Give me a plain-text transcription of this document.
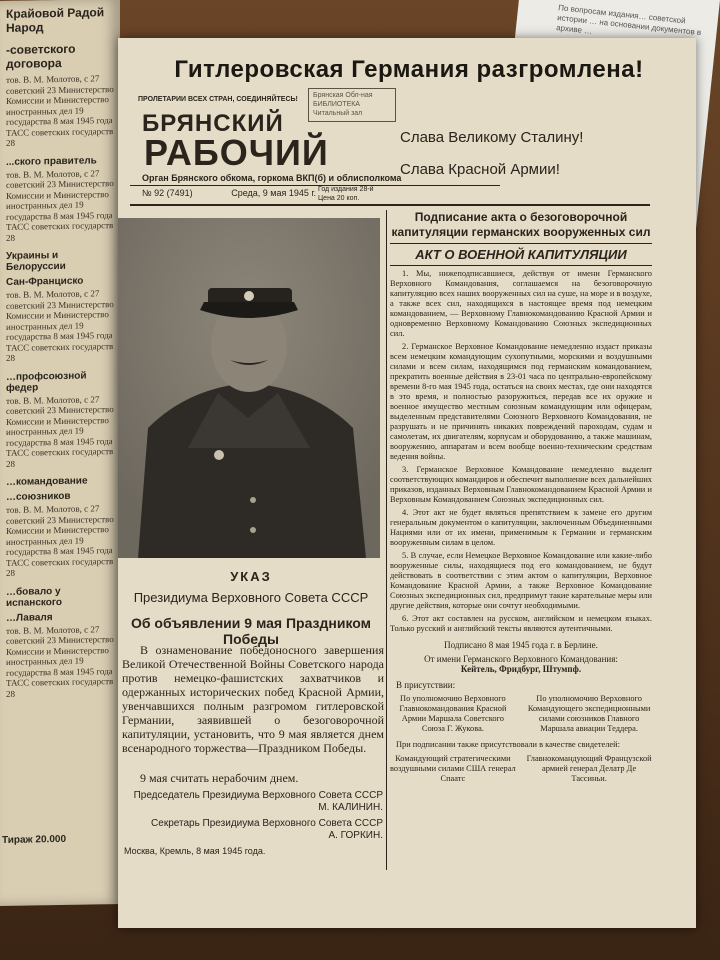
По вопросам издания… советской истории … на основании документов в архиве …
Крайовой Радой Народ
-советского договора
тов. В. М. Молотов, с 27 советский 23 Министерство Комиссии и Министерство иностранных дел 19 государства 8 мая 1945 года ТАСС советских государств 28
...ского правитель
тов. В. М. Молотов, с 27 советский 23 Министерство Комиссии и Министерство иностранных дел 19 государства 8 мая 1945 года ТАСС советских государств 28
Украины и Белоруссии
Сан-Франциско
тов. В. М. Молотов, с 27 советский 23 Министерство Комиссии и Министерство иностранных дел 19 государства 8 мая 1945 года ТАСС советских государств 28
…профсоюзной федер
тов. В. М. Молотов, с 27 советский 23 Министерство Комиссии и Министерство иностранных дел 19 государства 8 мая 1945 года ТАСС советских государств 28
…командование
…союзников
тов. В. М. Молотов, с 27 советский 23 Министерство Комиссии и Министерство иностранных дел 19 государства 8 мая 1945 года ТАСС советских государств 28
…бовало у испанского
…Лаваля
тов. В. М. Молотов, с 27 советский 23 Министерство Комиссии и Министерство иностранных дел 19 государства 8 мая 1945 года ТАСС советских государств 28
Тираж 20.000
Гитлеровская Германия разгромлена!
ПРОЛЕТАРИИ ВСЕХ СТРАН, СОЕДИНЯЙТЕСЬ!
Брянская Обл-ная
БИБЛИОТЕКА
Читальный зал
БРЯНСКИЙ
РАБОЧИЙ
Орган Брянского обкома, горкома ВКП(б) и облисполкома
№ 92 (7491)	Среда, 9 мая 1945 г. Год издания 28-й
Цена 20 коп.
Слава Великому Сталину!
Слава Красной Армии!
УКАЗ
Президиума Верховного Совета СССР
Об объявлении 9 мая Праздником Победы
В ознаменование победоносного завершения Великой Отечественной Войны Советского народа против немецко-фашистских захватчиков и одержанных исторических побед Красной Армии, увенчавшихся полным разгромом гитлеровской Германии, заявившей о безоговорочной капитуляции, установить, что 9 мая является днем всенародного торжества—Праздником Победы.
9 мая считать нерабочим днем.
Председатель Президиума Верховного Совета СССР
М. КАЛИНИН.
Секретарь Президиума Верховного Совета СССР
А. ГОРКИН.
Москва, Кремль, 8 мая 1945 года.
Подписание акта о безоговорочной капитуляции германских вооруженных сил
АКТ О ВОЕННОЙ КАПИТУЛЯЦИИ
1. Мы, нижеподписавшиеся, действуя от имени Германского Верховного Командования, соглашаемся на безоговорочную капитуляцию всех наших вооруженных сил на суше, на море и в воздухе, а также всех сил, находящихся в настоящее время под немецким командованием, — Верховному Главнокомандованию Красной Армии и одновременно Верховному Командованию Союзных экспедиционных сил.
2. Германское Верховное Командование немедленно издаст приказы всем немецким командующим сухопутными, морскими и воздушными силами и всем силам, находящимся под германским командованием, прекратить военные действия в 23-01 часа по центрально-европейскому времени 8-го мая 1945 года, остаться на своих местах, где они находятся в это время, и полностью разоружиться, передав все их оружие и военное имущество местным союзным командующим или офицерам, выделенным представителями Союзного Верховного Командования, не разрушать и не причинять никаких повреждений пароходам, судам и самолетам, их двигателям, корпусам и оборудованию, а также машинам, вооружению, аппаратам и всем вообще военно-техническим средствам ведения войны.
3. Германское Верховное Командование немедленно выделит соответствующих командиров и обеспечит выполнение всех дальнейших приказов, изданных Верховным Главнокомандованием Красной Армии и Верховным Командованием Союзных экспедиционных сил.
4. Этот акт не будет являться препятствием к замене его другим генеральным документом о капитуляции, заключенным Объединенными Нациями или от их имени, применимым к Германии и германским вооруженным силам в целом.
5. В случае, если Немецкое Верховное Командование или какие-либо вооруженные силы, находящиеся под его командованием, не будут действовать в соответствии с этим актом о капитуляции, Верховное Командование Красной Армии, а также Верховное Командование Союзных экспедиционных сил, предпримут такие карательные меры или другие действия, которые они сочтут необходимыми.
6. Этот акт составлен на русском, английском и немецком языках. Только русский и английский тексты являются аутентичными.
Подписано 8 мая 1945 года г. в Берлине.
От имени Германского Верховного Командования:
Кейтель, Фридбург, Штумпф.
В присутствии:
По уполномочию Верховного Главнокомандования Красной Армии Маршала Советского Союза Г. Жукова.
По уполномочию Верховного Командующего экспедиционными силами союзников Главного Маршала авиации Теддера.
При подписании также присутствовали в качестве свидетелей:
Командующий стратегическими воздушными силами США генерал Спаатс
Главнокомандующий Французской армией генерал Делатр Де Тассиньи.
